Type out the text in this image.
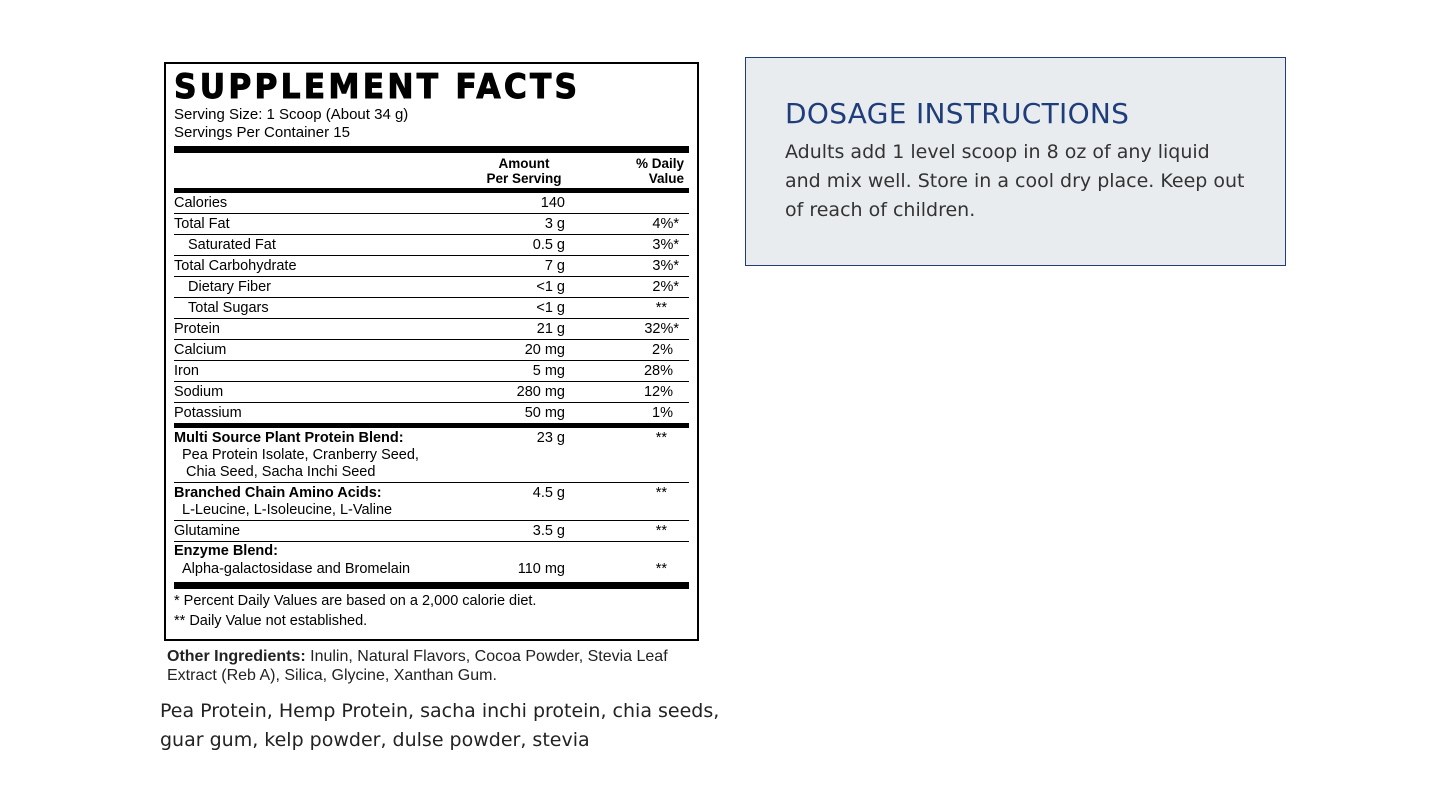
SUPPLEMENT FACTS
Serving Size: 1 Scoop (About 34 g)
Servings Per Container 15
Amount
Per Serving
% Daily
Value
Calories	140
Total Fat	3 g	4%*
Saturated Fat	0.5 g	3%*
Total Carbohydrate	7 g	3%*
Dietary Fiber	<1 g	2%*
Total Sugars	<1 g	**
Protein	21 g	32%*
Calcium	20 mg	2%
Iron	5 mg	28%
Sodium	280 mg	12%
Potassium	50 mg	1%
Multi Source Plant Protein Blend:	23 g	**
Pea Protein Isolate, Cranberry Seed,
Chia Seed, Sacha Inchi Seed
Branched Chain Amino Acids:	4.5 g	**
L-Leucine, L-Isoleucine, L-Valine
Glutamine	3.5 g	**
Enzyme Blend:
Alpha-galactosidase and Bromelain	110 mg	**
* Percent Daily Values are based on a 2,000 calorie diet.
** Daily Value not established.
Other Ingredients: Inulin, Natural Flavors, Cocoa Powder, Stevia Leaf Extract (Reb A), Silica, Glycine, Xanthan Gum.
Pea Protein, Hemp Protein, sacha inchi protein, chia seeds, guar gum, kelp powder, dulse powder, stevia
DOSAGE INSTRUCTIONS

Adults add 1 level scoop in 8 oz of any liquid and mix well. Store in a cool dry place. Keep out of reach of children.
